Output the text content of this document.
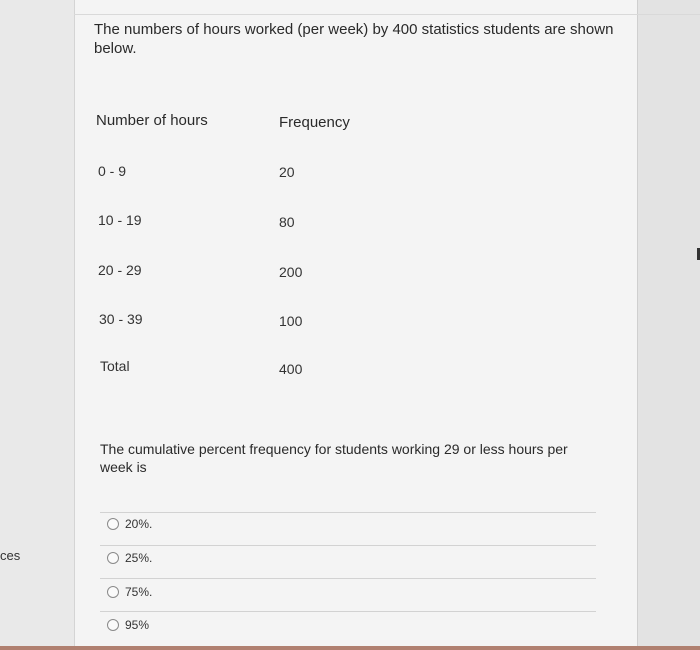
ces
The numbers of hours worked (per week) by 400 statistics students are shown below.
Number of hours	Frequency
0 - 9	20
10 - 19	80
20 - 29	200
30 - 39	100
Total	400
The cumulative percent frequency for students working 29 or less hours per week is
20%.
25%.
75%.
95%
